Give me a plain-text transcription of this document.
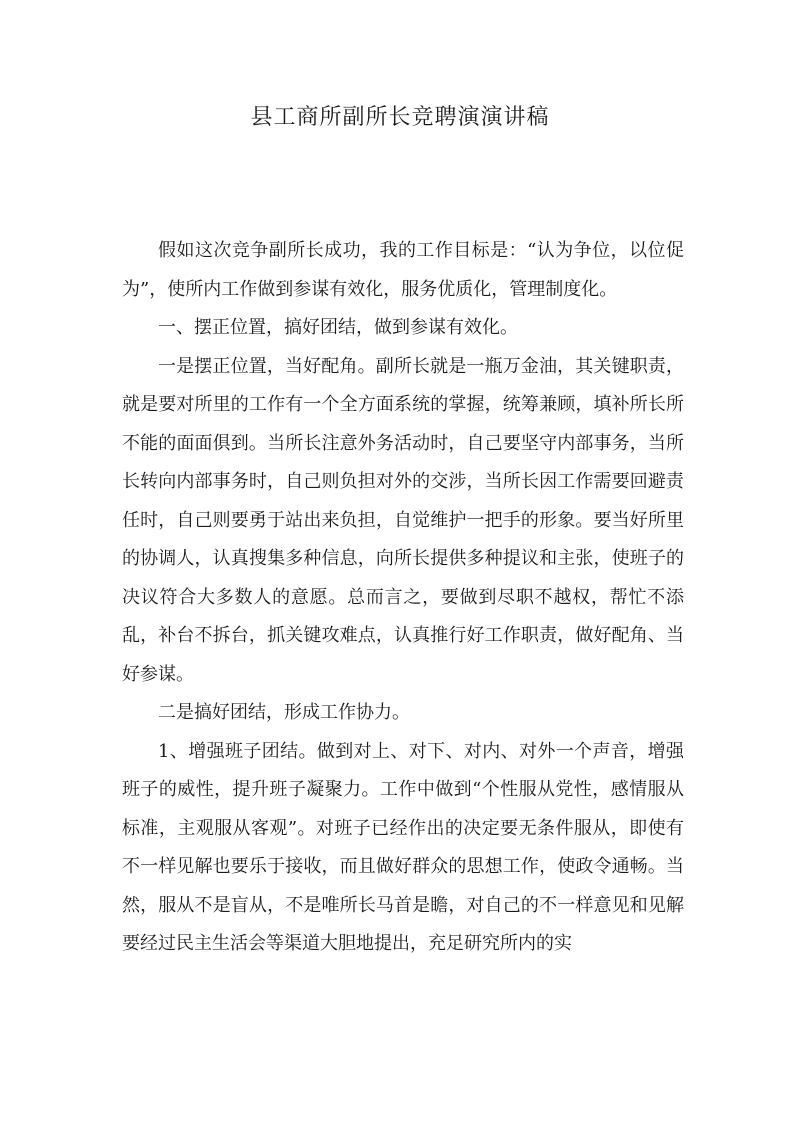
县工商所副所长竞聘演演讲稿

假如这次竞争副所长成功，我的工作目标是：“认为争位，以位促为”，使所内工作做到参谋有效化，服务优质化，管理制度化。

一、摆正位置，搞好团结，做到参谋有效化。

一是摆正位置，当好配角。副所长就是一瓶万金油，其关键职责，就是要对所里的工作有一个全方面系统的掌握，统筹兼顾，填补所长所不能的面面俱到。当所长注意外务活动时，自己要坚守内部事务，当所长转向内部事务时，自己则负担对外的交涉，当所长因工作需要回避责任时，自己则要勇于站出来负担，自觉维护一把手的形象。要当好所里的协调人，认真搜集多种信息，向所长提供多种提议和主张，使班子的决议符合大多数人的意愿。总而言之，要做到尽职不越权，帮忙不添乱，补台不拆台，抓关键攻难点，认真推行好工作职责，做好配角、当好参谋。

二是搞好团结，形成工作协力。

1、增强班子团结。做到对上、对下、对内、对外一个声音，增强班子的威性，提升班子凝聚力。工作中做到“个性服从党性，感情服从标准，主观服从客观”。对班子已经作出的决定要无条件服从，即使有不一样见解也要乐于接收，而且做好群众的思想工作，使政令通畅。当然，服从不是盲从，不是唯所长马首是瞻，对自己的不一样意见和见解要经过民主生活会等渠道大胆地提出，充足研究所内的实
